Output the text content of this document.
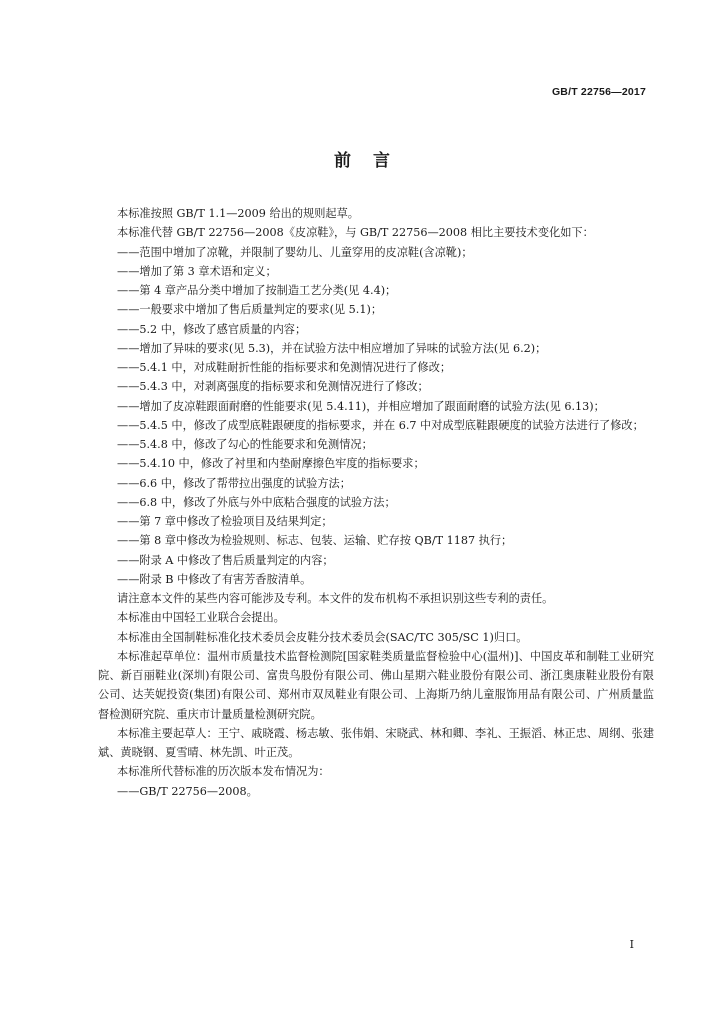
GB/T 22756—2017
前言

本标准按照 GB/T 1.1—2009 给出的规则起草。

本标准代替 GB/T 22756—2008《皮凉鞋》，与 GB/T 22756—2008 相比主要技术变化如下：

——范围中增加了凉靴，并限制了婴幼儿、儿童穿用的皮凉鞋(含凉靴)；

——增加了第 3 章术语和定义；

——第 4 章产品分类中增加了按制造工艺分类(见 4.4)；

——一般要求中增加了售后质量判定的要求(见 5.1)；

——5.2 中，修改了感官质量的内容；

——增加了异味的要求(见 5.3)，并在试验方法中相应增加了异味的试验方法(见 6.2)；

——5.4.1 中，对成鞋耐折性能的指标要求和免测情况进行了修改；

——5.4.3 中，对剥离强度的指标要求和免测情况进行了修改；

——增加了皮凉鞋跟面耐磨的性能要求(见 5.4.11)，并相应增加了跟面耐磨的试验方法(见 6.13)；

——5.4.5 中，修改了成型底鞋跟硬度的指标要求，并在 6.7 中对成型底鞋跟硬度的试验方法进行了修改；

——5.4.8 中，修改了勾心的性能要求和免测情况；

——5.4.10 中，修改了衬里和内垫耐摩擦色牢度的指标要求；

——6.6 中，修改了帮带拉出强度的试验方法；

——6.8 中，修改了外底与外中底粘合强度的试验方法；

——第 7 章中修改了检验项目及结果判定；

——第 8 章中修改为检验规则、标志、包装、运输、贮存按 QB/T 1187 执行；

——附录 A 中修改了售后质量判定的内容；

——附录 B 中修改了有害芳香胺清单。

请注意本文件的某些内容可能涉及专利。本文件的发布机构不承担识别这些专利的责任。

本标准由中国轻工业联合会提出。

本标准由全国制鞋标准化技术委员会皮鞋分技术委员会(SAC/TC 305/SC 1)归口。

本标准起草单位：温州市质量技术监督检测院[国家鞋类质量监督检验中心(温州)]、中国皮革和制鞋工业研究院、新百丽鞋业(深圳)有限公司、富贵鸟股份有限公司、佛山星期六鞋业股份有限公司、浙江奥康鞋业股份有限公司、达芙妮投资(集团)有限公司、郑州市双凤鞋业有限公司、上海斯乃纳儿童服饰用品有限公司、广州质量监督检测研究院、重庆市计量质量检测研究院。

本标准主要起草人：王宁、戚晓霞、杨志敏、张伟娟、宋晓武、林和卿、李礼、王振滔、林正忠、周纲、张建斌、黄晓钢、夏雪晴、林先凯、叶正茂。

本标准所代替标准的历次版本发布情况为：

——GB/T 22756—2008。

I
